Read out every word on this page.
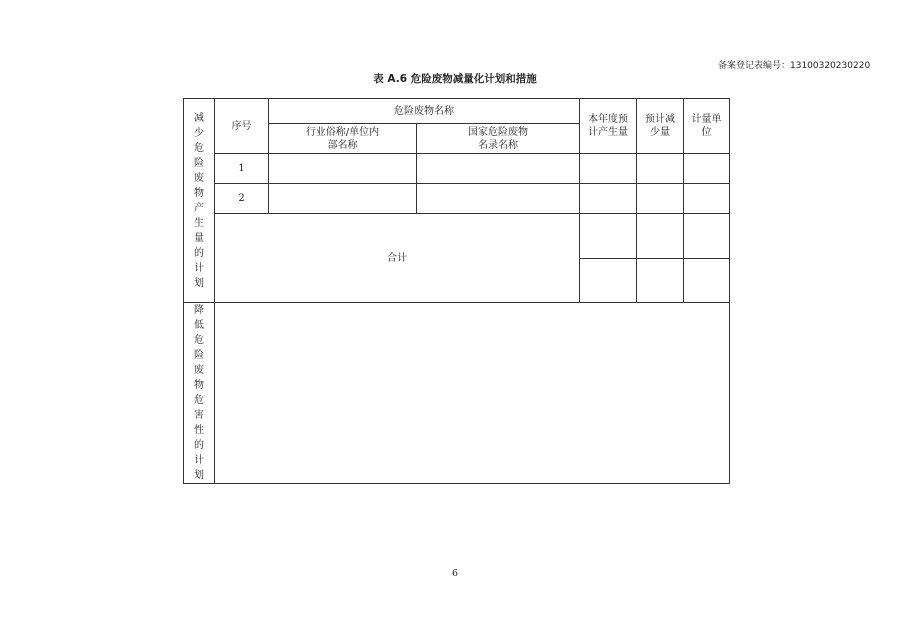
备案登记表编号：13100320230220
表 A.6 危险废物减量化计划和措施
减少危险废物产生量的计划	序号	危险废物名称		本年度预计产生量	预计减少量	计量单位

		行业俗称/单位内部名称	国家危险废物名录名称			

	1					
	2					
	合计					

降低危险废物危害性的计划						

6
